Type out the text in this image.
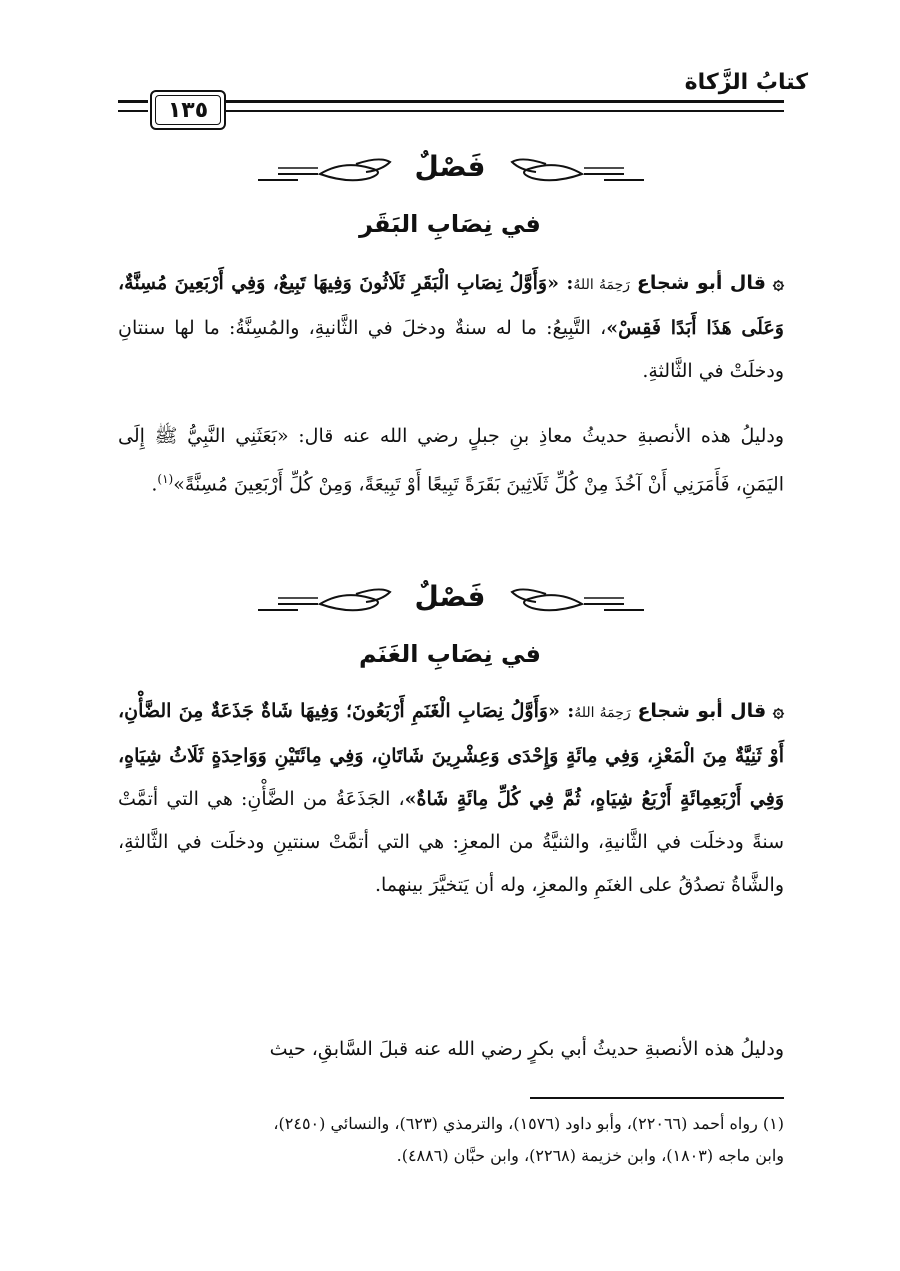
كتابُ الزَّكاة
١٣٥
فَصْلٌ
في نِصَابِ البَقَر
۞ قال أبو شجاع رَحِمَهُ اللهُ: «وَأَوَّلُ نِصَابِ الْبَقَرِ ثَلَاثُونَ وَفِيهَا تَبِيعٌ، وَفِي أَرْبَعِينَ مُسِنَّةٌ، وَعَلَى هَذَا أَبَدًا فَقِسْ»، التَّبِيعُ: ما له سنةٌ ودخلَ في الثَّانيةِ، والمُسِنَّةُ: ما لها سنتانِ ودخلَتْ في الثَّالثةِ.
ودليلُ هذه الأنصبةِ حديثُ معاذِ بنِ جبلٍ رضي الله عنه قال: «بَعَثَنِي النَّبِيُّ ﷺ إِلَى اليَمَنِ، فَأَمَرَنِي أَنْ آخُذَ مِنْ كُلِّ ثَلَاثِينَ بَقَرَةً تَبِيعًا أَوْ تَبِيعَةً، وَمِنْ كُلِّ أَرْبَعِينَ مُسِنَّةً»$^{(١)}$.
فَصْلٌ
في نِصَابِ الغَنَم
۞ قال أبو شجاع رَحِمَهُ اللهُ: «وَأَوَّلُ نِصَابِ الْغَنَمِ أَرْبَعُونَ؛ وَفِيهَا شَاةٌ جَذَعَةٌ مِنَ الضَّأْنِ، أَوْ ثَنِيَّةٌ مِنَ الْمَعْزِ، وَفِي مِائَةٍ وَإِحْدَى وَعِشْرِينَ شَاتَانِ، وَفِي مِائَتَيْنِ وَوَاحِدَةٍ ثَلَاثُ شِيَاهٍ، وَفِي أَرْبَعِمِائَةٍ أَرْبَعُ شِيَاهٍ، ثُمَّ فِي كُلِّ مِائَةٍ شَاةٌ»، الجَذَعَةُ من الضَّأْنِ: هي التي أتمَّتْ سنةً ودخلَت في الثَّانيةِ، والثنيَّةُ من المعزِ: هي التي أتمَّتْ سنتينِ ودخلَت في الثَّالثةِ، والشَّاةُ تصدُقُ على الغنَمِ والمعزِ، وله أن يَتخيَّرَ بينهما.
ودليلُ هذه الأنصبةِ حديثُ أبي بكرٍ رضي الله عنه قبلَ السَّابقِ، حيث
(١) رواه أحمد (٢٢٠٦٦)، وأبو داود (١٥٧٦)، والترمذي (٦٢٣)، والنسائي (٢٤٥٠)،
وابن ماجه (١٨٠٣)، وابن خزيمة (٢٢٦٨)، وابن حبَّان (٤٨٨٦).
